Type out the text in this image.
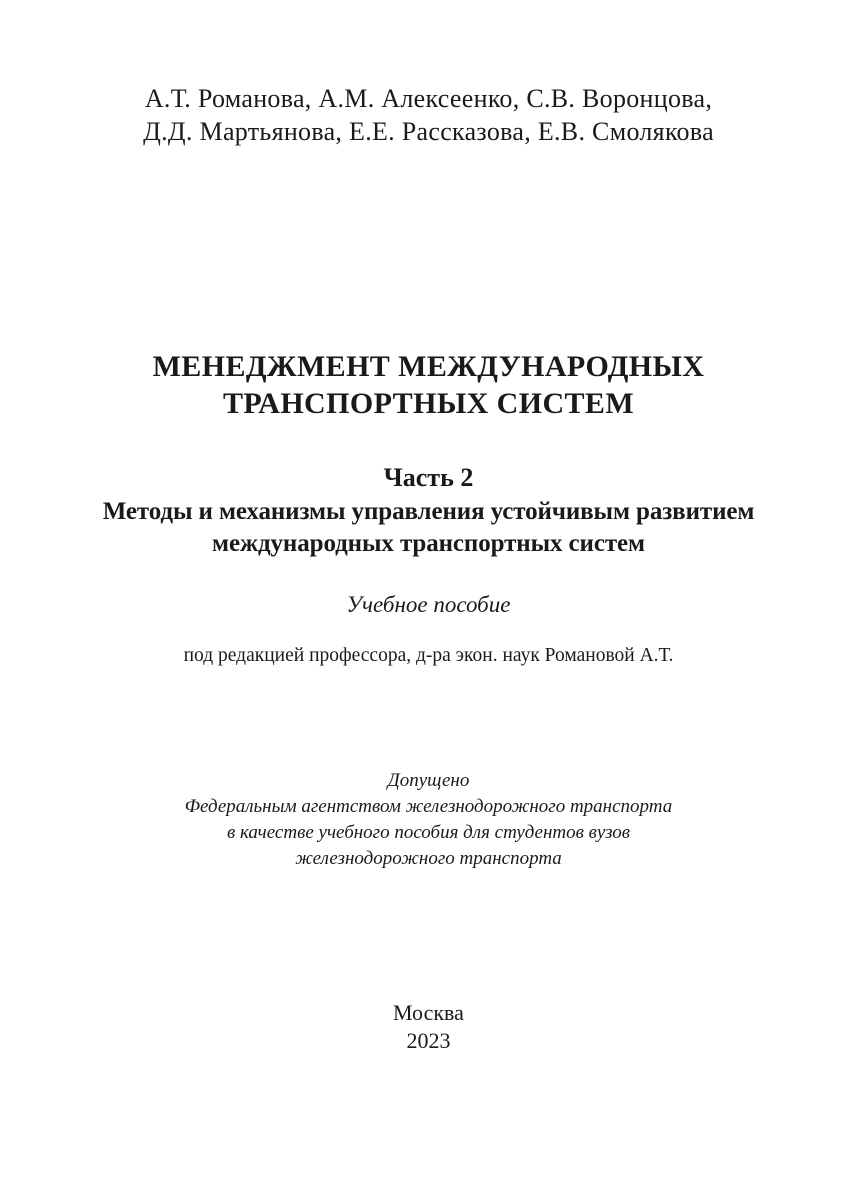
А.Т. Романова, А.М. Алексеенко, С.В. Воронцова,
Д.Д. Мартьянова, Е.Е. Рассказова, Е.В. Смолякова
МЕНЕДЖМЕНТ МЕЖДУНАРОДНЫХ
ТРАНСПОРТНЫХ СИСТЕМ
Часть 2
Методы и механизмы управления устойчивым развитием
международных транспортных систем
Учебное пособие
под редакцией профессора, д-ра экон. наук Романовой А.Т.
Допущено
Федеральным агентством железнодорожного транспорта
в качестве учебного пособия для студентов вузов
железнодорожного транспорта
Москва
2023
